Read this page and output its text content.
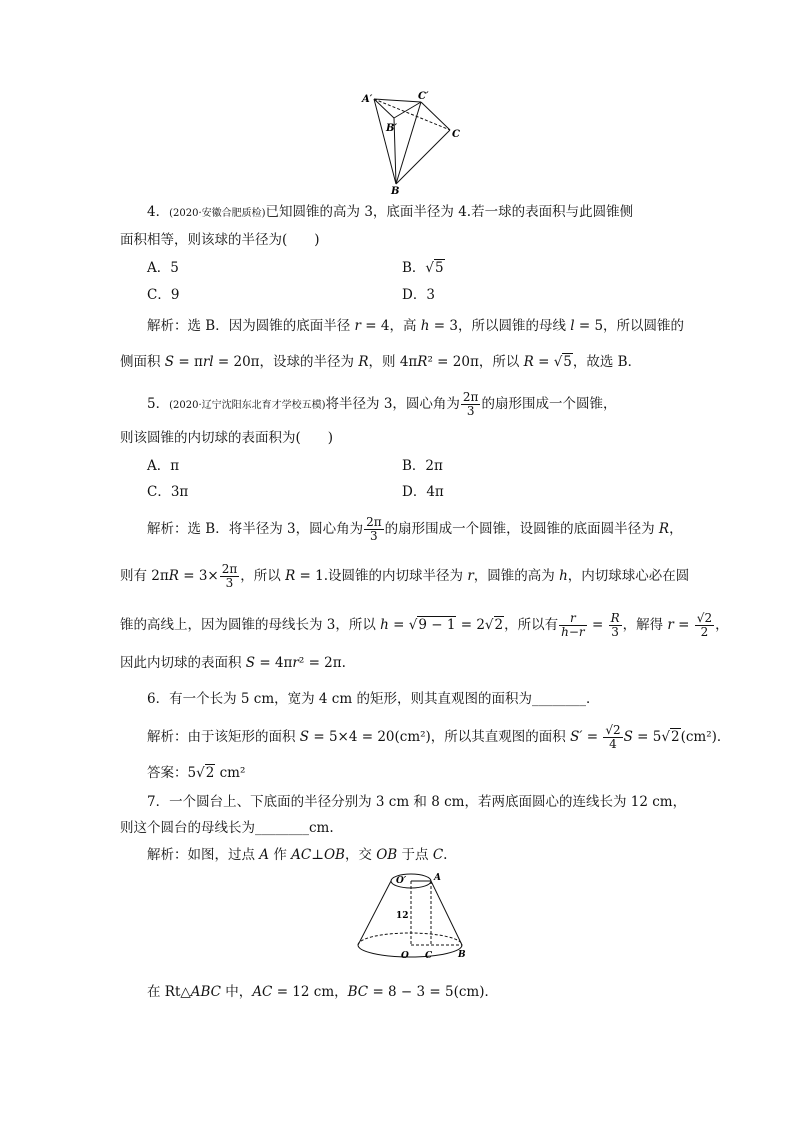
A′	C′
B′
C
B
4．(2020·安徽合肥质检)已知圆锥的高为 3，底面半径为 4.若一球的表面积与此圆锥侧
面积相等，则该球的半径为(　　)
A．5	B．√5
C．9	D．3
解析：选 B．因为圆锥的底面半径 r = 4，高 h = 3，所以圆锥的母线 l = 5，所以圆锥的
侧面积 S = πrl = 20π，设球的半径为 R，则 4πR² = 20π，所以 R = √5，故选 B．
5．(2020·辽宁沈阳东北育才学校五模)将半径为 3，圆心角为 $\frac{2\pi}{3}$ 的扇形围成一个圆锥，
则该圆锥的内切球的表面积为(　　)
A．π	B．2π
C．3π	D．4π
解析：选 B．将半径为 3，圆心角为 $\frac{2\pi}{3}$ 的扇形围成一个圆锥，设圆锥的底面圆半径为 R，
则有 $2\pi R = 3\times \frac{2\pi}{3}$ ，所以 R = 1.设圆锥的内切球半径为 r，圆锥的高为 h，内切球球心必在圆
锥的高线上，因为圆锥的母线长为 3，所以 h = √9 − 1 = 2√2，所以有 $\frac{r}{h-r} = \frac{R}{3}$ ，解得 $r = \frac{√2}{2}$ ，
因此内切球的表面积 S = 4πr² = 2π.
6．有一个长为 5 cm，宽为 4 cm 的矩形，则其直观图的面积为________．
解析：由于该矩形的面积 S = 5×4 = 20(cm²)，所以其直观图的面积 $S' = \frac{√2}{4}$ S = 5√2(cm²)．
答案：5√2 cm²
7．一个圆台上、下底面的半径分别为 3 cm 和 8 cm，若两底面圆心的连线长为 12 cm，
则这个圆台的母线长为________cm.
解析：如图，过点 A 作 AC⊥OB，交 OB 于点 C.
O′	A
12
O C	B
在 Rt△ABC 中，AC = 12 cm，BC = 8 − 3 = 5(cm)．
